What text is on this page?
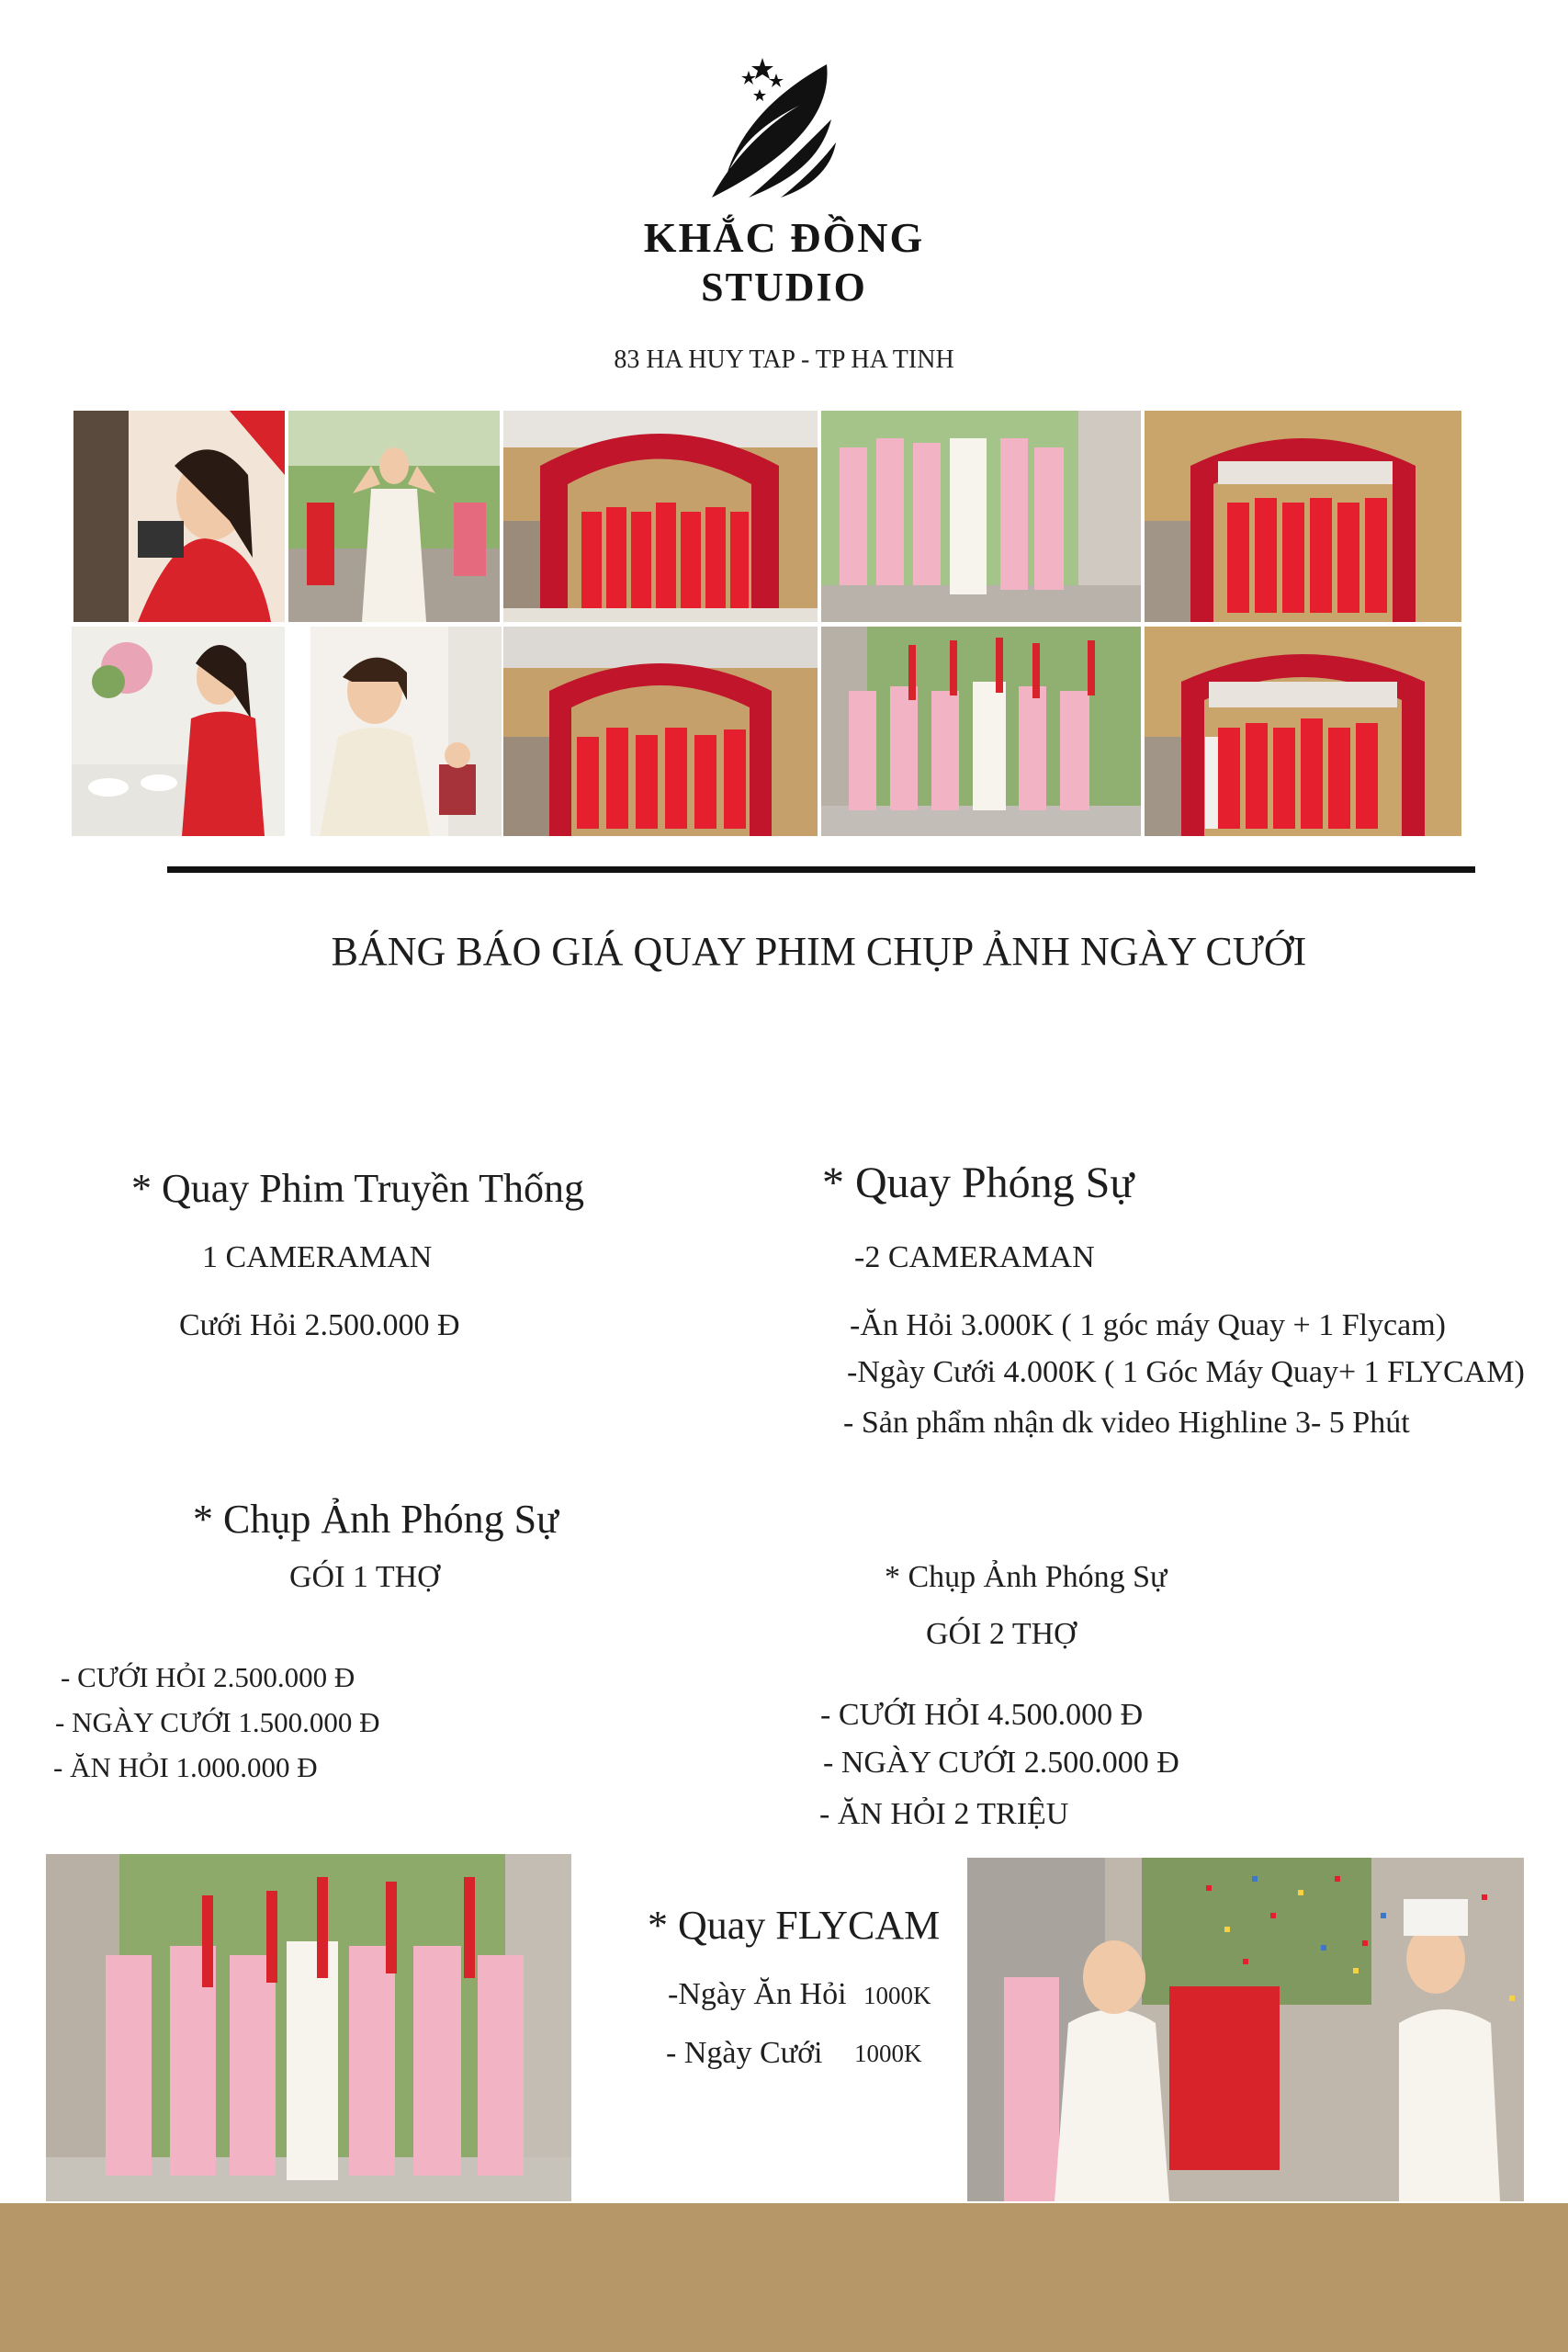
KHẮC ĐỒNG
STUDIO
83 HA HUY TAP - TP HA TINH
BÁNG BÁO GIÁ QUAY PHIM CHỤP ẢNH NGÀY CƯỚI
* Quay Phim Truyền Thống
1 CAMERAMAN
Cưới Hỏi 2.500.000 Đ
* Quay Phóng Sự
-2 CAMERAMAN
-Ăn Hỏi 3.000K ( 1 góc máy Quay + 1 Flycam)
-Ngày Cưới 4.000K ( 1 Góc Máy Quay+ 1 FLYCAM)
- Sản phẩm nhận dk video Highline 3- 5 Phút
* Chụp Ảnh Phóng Sự
GÓI 1 THỢ
- CƯỚI HỎI 2.500.000 Đ
- NGÀY CƯỚI 1.500.000 Đ
- ĂN HỎI 1.000.000 Đ
* Chụp Ảnh Phóng Sự
GÓI 2 THỢ
- CƯỚI HỎI 4.500.000 Đ
- NGÀY CƯỚI 2.500.000 Đ
- ĂN HỎI 2 TRIỆU
* Quay FLYCAM
-Ngày Ăn Hỏi 1000K
- Ngày Cưới 1000K
